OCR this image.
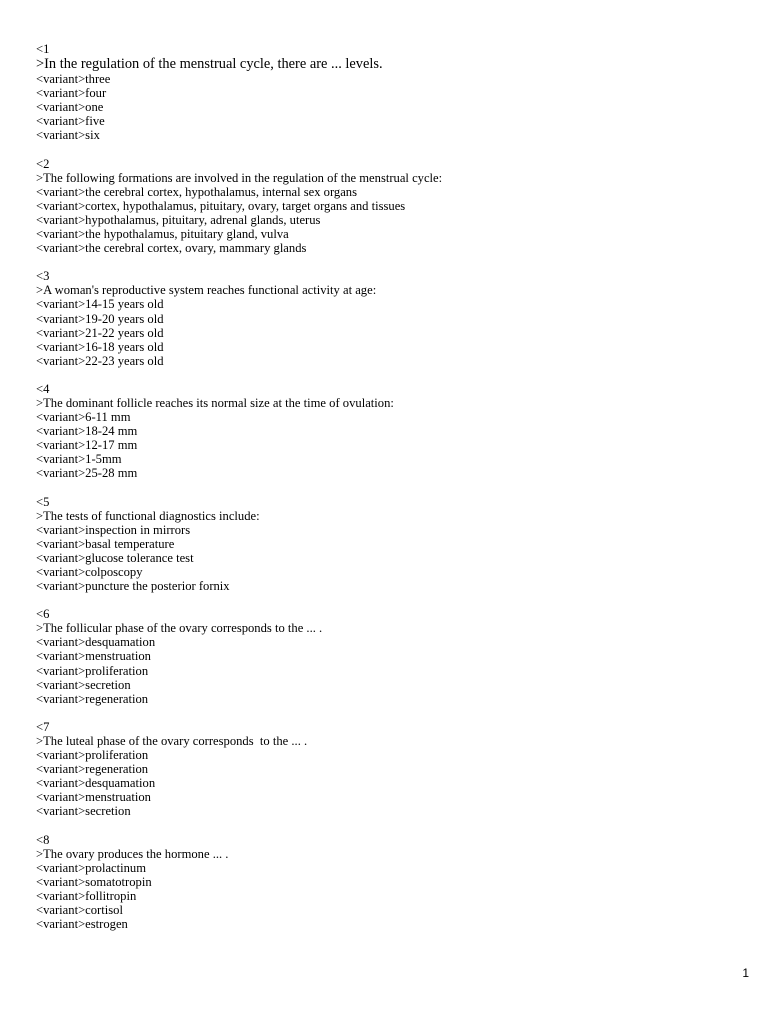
<1
>In the regulation of the menstrual cycle, there are ... levels.
<variant>three
<variant>four
<variant>one
<variant>five
<variant>six
<2
>The following formations are involved in the regulation of the menstrual cycle:
<variant>the cerebral cortex, hypothalamus, internal sex organs
<variant>cortex, hypothalamus, pituitary, ovary, target organs and tissues
<variant>hypothalamus, pituitary, adrenal glands, uterus
<variant>the hypothalamus, pituitary gland, vulva
<variant>the cerebral cortex, ovary, mammary glands
<3
>A woman's reproductive system reaches functional activity at age:
<variant>14-15 years old
<variant>19-20 years old
<variant>21-22 years old
<variant>16-18 years old
<variant>22-23 years old
<4
>The dominant follicle reaches its normal size at the time of ovulation:
<variant>6-11 mm
<variant>18-24 mm
<variant>12-17 mm
<variant>1-5mm
<variant>25-28 mm
<5
>The tests of functional diagnostics include:
<variant>inspection in mirrors
<variant>basal temperature
<variant>glucose tolerance test
<variant>colposcopy
<variant>puncture the posterior fornix
<6
>The follicular phase of the ovary corresponds to the ... .
<variant>desquamation
<variant>menstruation
<variant>proliferation
<variant>secretion
<variant>regeneration
<7
>The luteal phase of the ovary corresponds  to the ... .
<variant>proliferation
<variant>regeneration
<variant>desquamation
<variant>menstruation
<variant>secretion
<8
>The ovary produces the hormone ... .
<variant>prolactinum
<variant>somatotropin
<variant>follitropin
<variant>cortisol
<variant>estrogen
1
